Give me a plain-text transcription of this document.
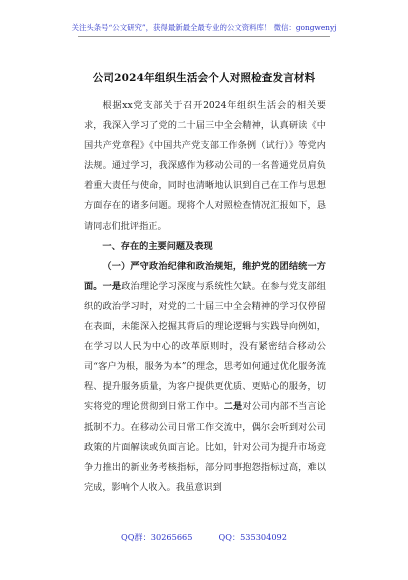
关注头条号“公文研究”，获得最新最全最专业的公文资料库！ 微信：gongwenyj
公司2024年组织生活会个人对照检查发言材料

根据xx党支部关于召开2024年组织生活会的相关要求，我深入学习了党的二十届三中全会精神，认真研读《中国共产党章程》《中国共产党支部工作条例（试行）》等党内法规。通过学习，我深感作为移动公司的一名普通党员肩负着重大责任与使命，同时也清晰地认识到自己在工作与思想方面存在的诸多问题。现将个人对照检查情况汇报如下，恳请同志们批评指正。

一、存在的主要问题及表现

（一）严守政治纪律和政治规矩，维护党的团结统一方面。一是政治理论学习深度与系统性欠缺。在参与党支部组织的政治学习时，对党的二十届三中全会精神的学习仅停留在表面，未能深入挖掘其背后的理论逻辑与实践导向例如，在学习以人民为中心的改革原则时，没有紧密结合移动公司“客户为根，服务为本”的理念，思考如何通过优化服务流程、提升服务质量，为客户提供更优质、更贴心的服务，切实将党的理论贯彻到日常工作中。二是对公司内部不当言论抵制不力。在移动公司日常工作交流中，偶尔会听到对公司政策的片面解读或负面言论。比如，针对公司为提升市场竞争力推出的新业务考核指标，部分同事抱怨指标过高，难以完成，影响个人收入。我虽意识到

QQ群：30265665	QQ：535304092
